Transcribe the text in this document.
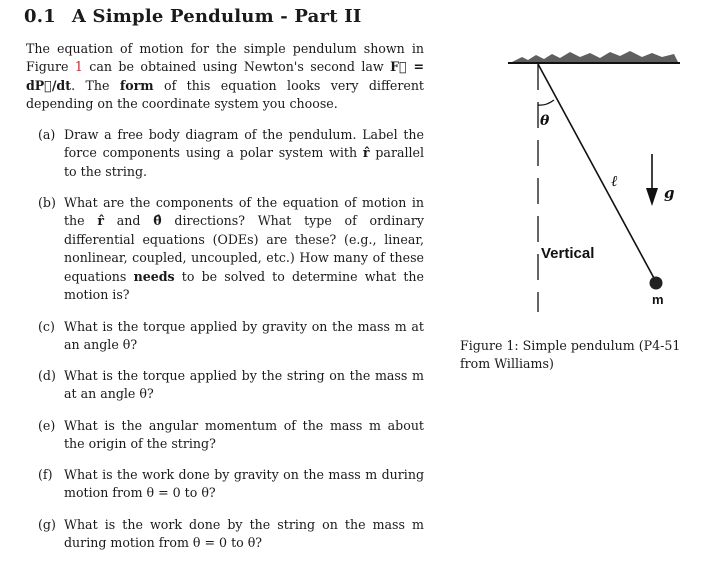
0.1 A Simple Pendulum - Part II
The equation of motion for the simple pendulum shown in Figure 1 can be obtained using Newton's second law F⃗ = dP⃗/dt. The form of this equation looks very different depending on the coordinate system you choose.
(a) Draw a free body diagram of the pendulum. Label the force components using a polar system with r̂ parallel to the string.
(b) What are the components of the equation of motion in the r̂ and θ̂ directions? What type of ordinary differential equations (ODEs) are these? (e.g., linear, nonlinear, coupled, uncoupled, etc.) How many of these equations needs to be solved to determine what the motion is?
(c) What is the torque applied by gravity on the mass m at an angle θ?
(d) What is the torque applied by the string on the mass m at an angle θ?
(e) What is the angular momentum of the mass m about the origin of the string?
(f) What is the work done by gravity on the mass m during motion from θ = 0 to θ?
(g) What is the work done by the string on the mass m during motion from θ = 0 to θ?
θ
ℓ
g
Vertical
m
Figure 1: Simple pendulum (P4-51 from Williams)
